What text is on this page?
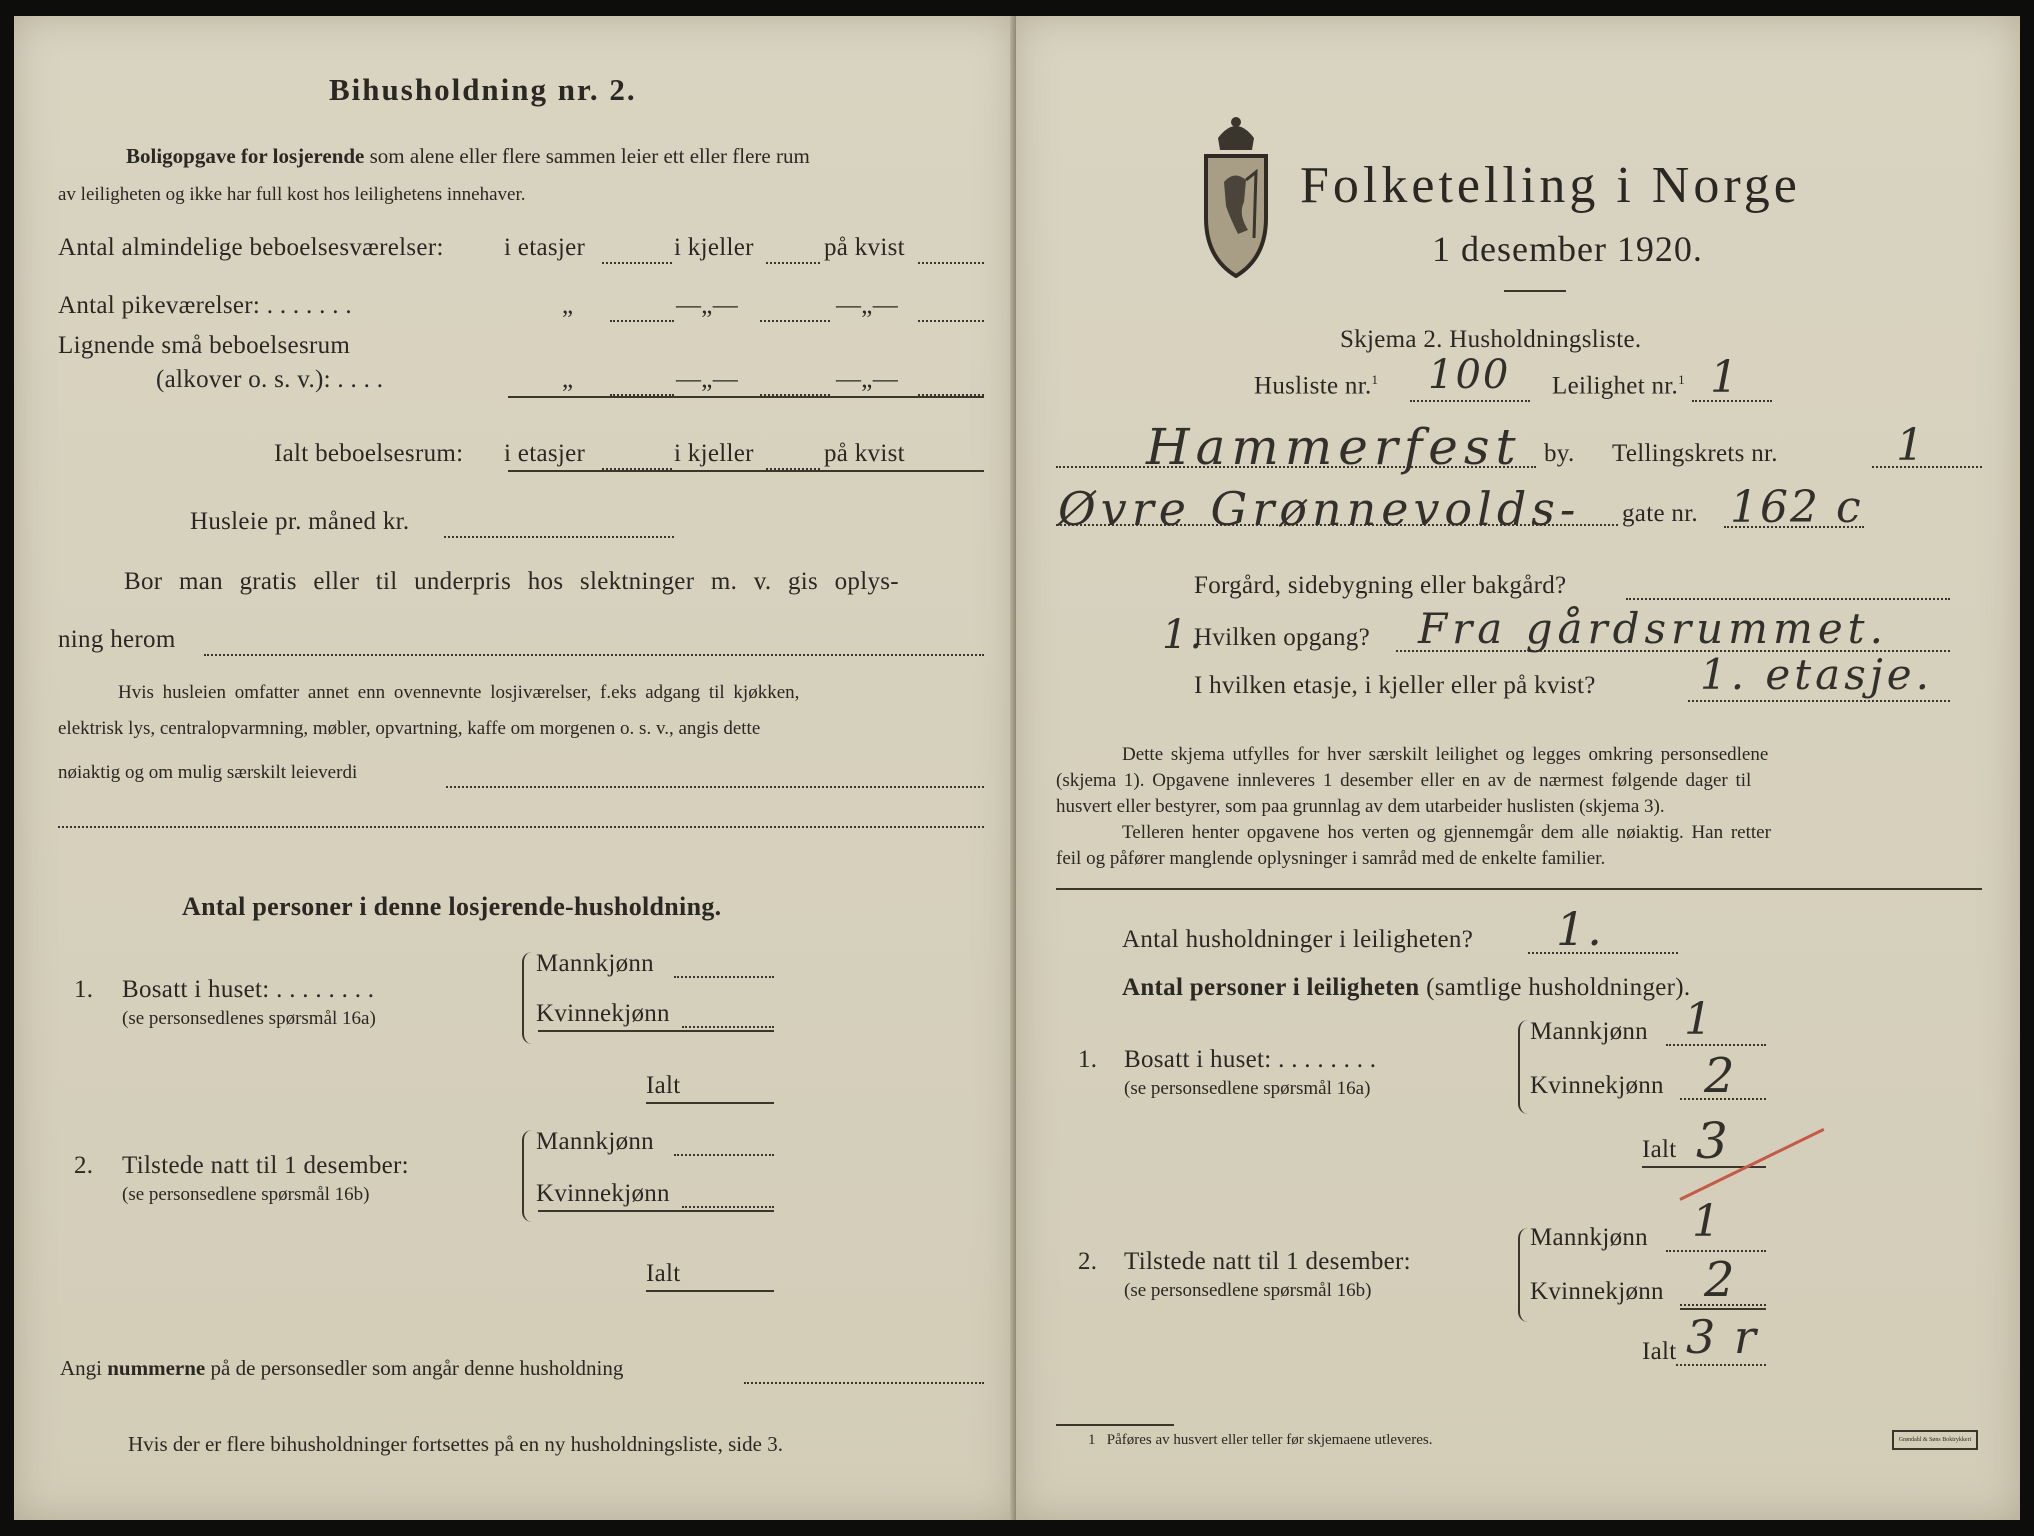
Bihusholdning nr. 2.
Boligopgave for losjerende som alene eller flere sammen leier ett eller flere rum
av leiligheten og ikke har full kost hos leilighetens innehaver.
Antal almindelige beboelsesværelser: i etasjer	i kjeller	på kvist
Antal pikeværelser: . . . . . . .	„	—„—	—„—
Lignende små beboelsesrum
(alkover o. s. v.): . . . .	„	—„—	—„—
Ialt beboelsesrum: i etasjer	i kjeller	på kvist
Husleie pr. måned kr.
Bor man gratis eller til underpris hos slektninger m. v. gis oplys-
ning herom
Hvis husleien omfatter annet enn ovennevnte losjiværelser, f.eks adgang til kjøkken,
elektrisk lys, centralopvarmning, møbler, opvartning, kaffe om morgenen o. s. v., angis dette
nøiaktig og om mulig særskilt leieverdi
Antal personer i denne losjerende-husholdning.
1. Bosatt i huset: . . . . . . . .
(se personsedlenes spørsmål 16a)
Mannkjønn
Kvinnekjønn
Ialt
2. Tilstede natt til 1 desember:
(se personsedlene spørsmål 16b)
Mannkjønn
Kvinnekjønn
Ialt
Angi nummerne på de personsedler som angår denne husholdning
Hvis der er flere bihusholdninger fortsettes på en ny husholdningsliste, side 3.
Folketelling i Norge
1 desember 1920.
Skjema 2. Husholdningsliste.
Husliste nr.$^1$ 100 Leilighet nr.$^1$ 1
Hammerfest by. Tellingskrets nr.	1
Øvre Grønnevolds- gate nr. 162 c
Forgård, sidebygning eller bakgård?
1.
Hvilken opgang? Fra gårdsrummet.
I hvilken etasje, i kjeller eller på kvist? 1. etasje.
Dette skjema utfylles for hver særskilt leilighet og legges omkring personsedlene
(skjema 1). Opgavene innleveres 1 desember eller en av de nærmest følgende dager til
husvert eller bestyrer, som paa grunnlag av dem utarbeider huslisten (skjema 3).
Telleren henter opgavene hos verten og gjennemgår dem alle nøiaktig. Han retter
feil og påfører manglende oplysninger i samråd med de enkelte familier.
Antal husholdninger i leiligheten? 1.
Antal personer i leiligheten (samtlige husholdninger).
1. Bosatt i huset: . . . . . . . .
(se personsedlene spørsmål 16a)
Mannkjønn 1
Kvinnekjønn 2
Ialt 3
2. Tilstede natt til 1 desember:
(se personsedlene spørsmål 16b)
Mannkjønn 1
Kvinnekjønn 2
Ialt 3 r
1 Påføres av husvert eller teller før skjemaene utleveres.	Grøndahl & Søns Boktrykkeri
